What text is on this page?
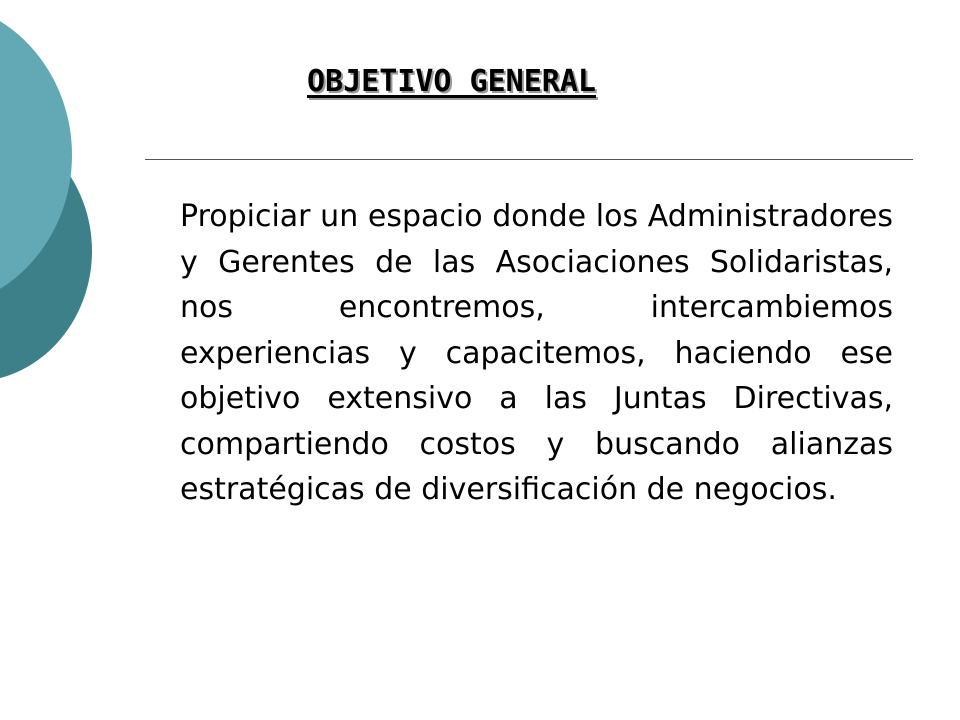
OBJETIVO GENERAL

Propiciar un espacio donde los Administradores y Gerentes de las Asociaciones Solidaristas, nos encontremos, intercambiemos experiencias y capacitemos, haciendo ese objetivo extensivo a las Juntas Directivas, compartiendo costos y buscando alianzas estratégicas de diversificación de negocios.
